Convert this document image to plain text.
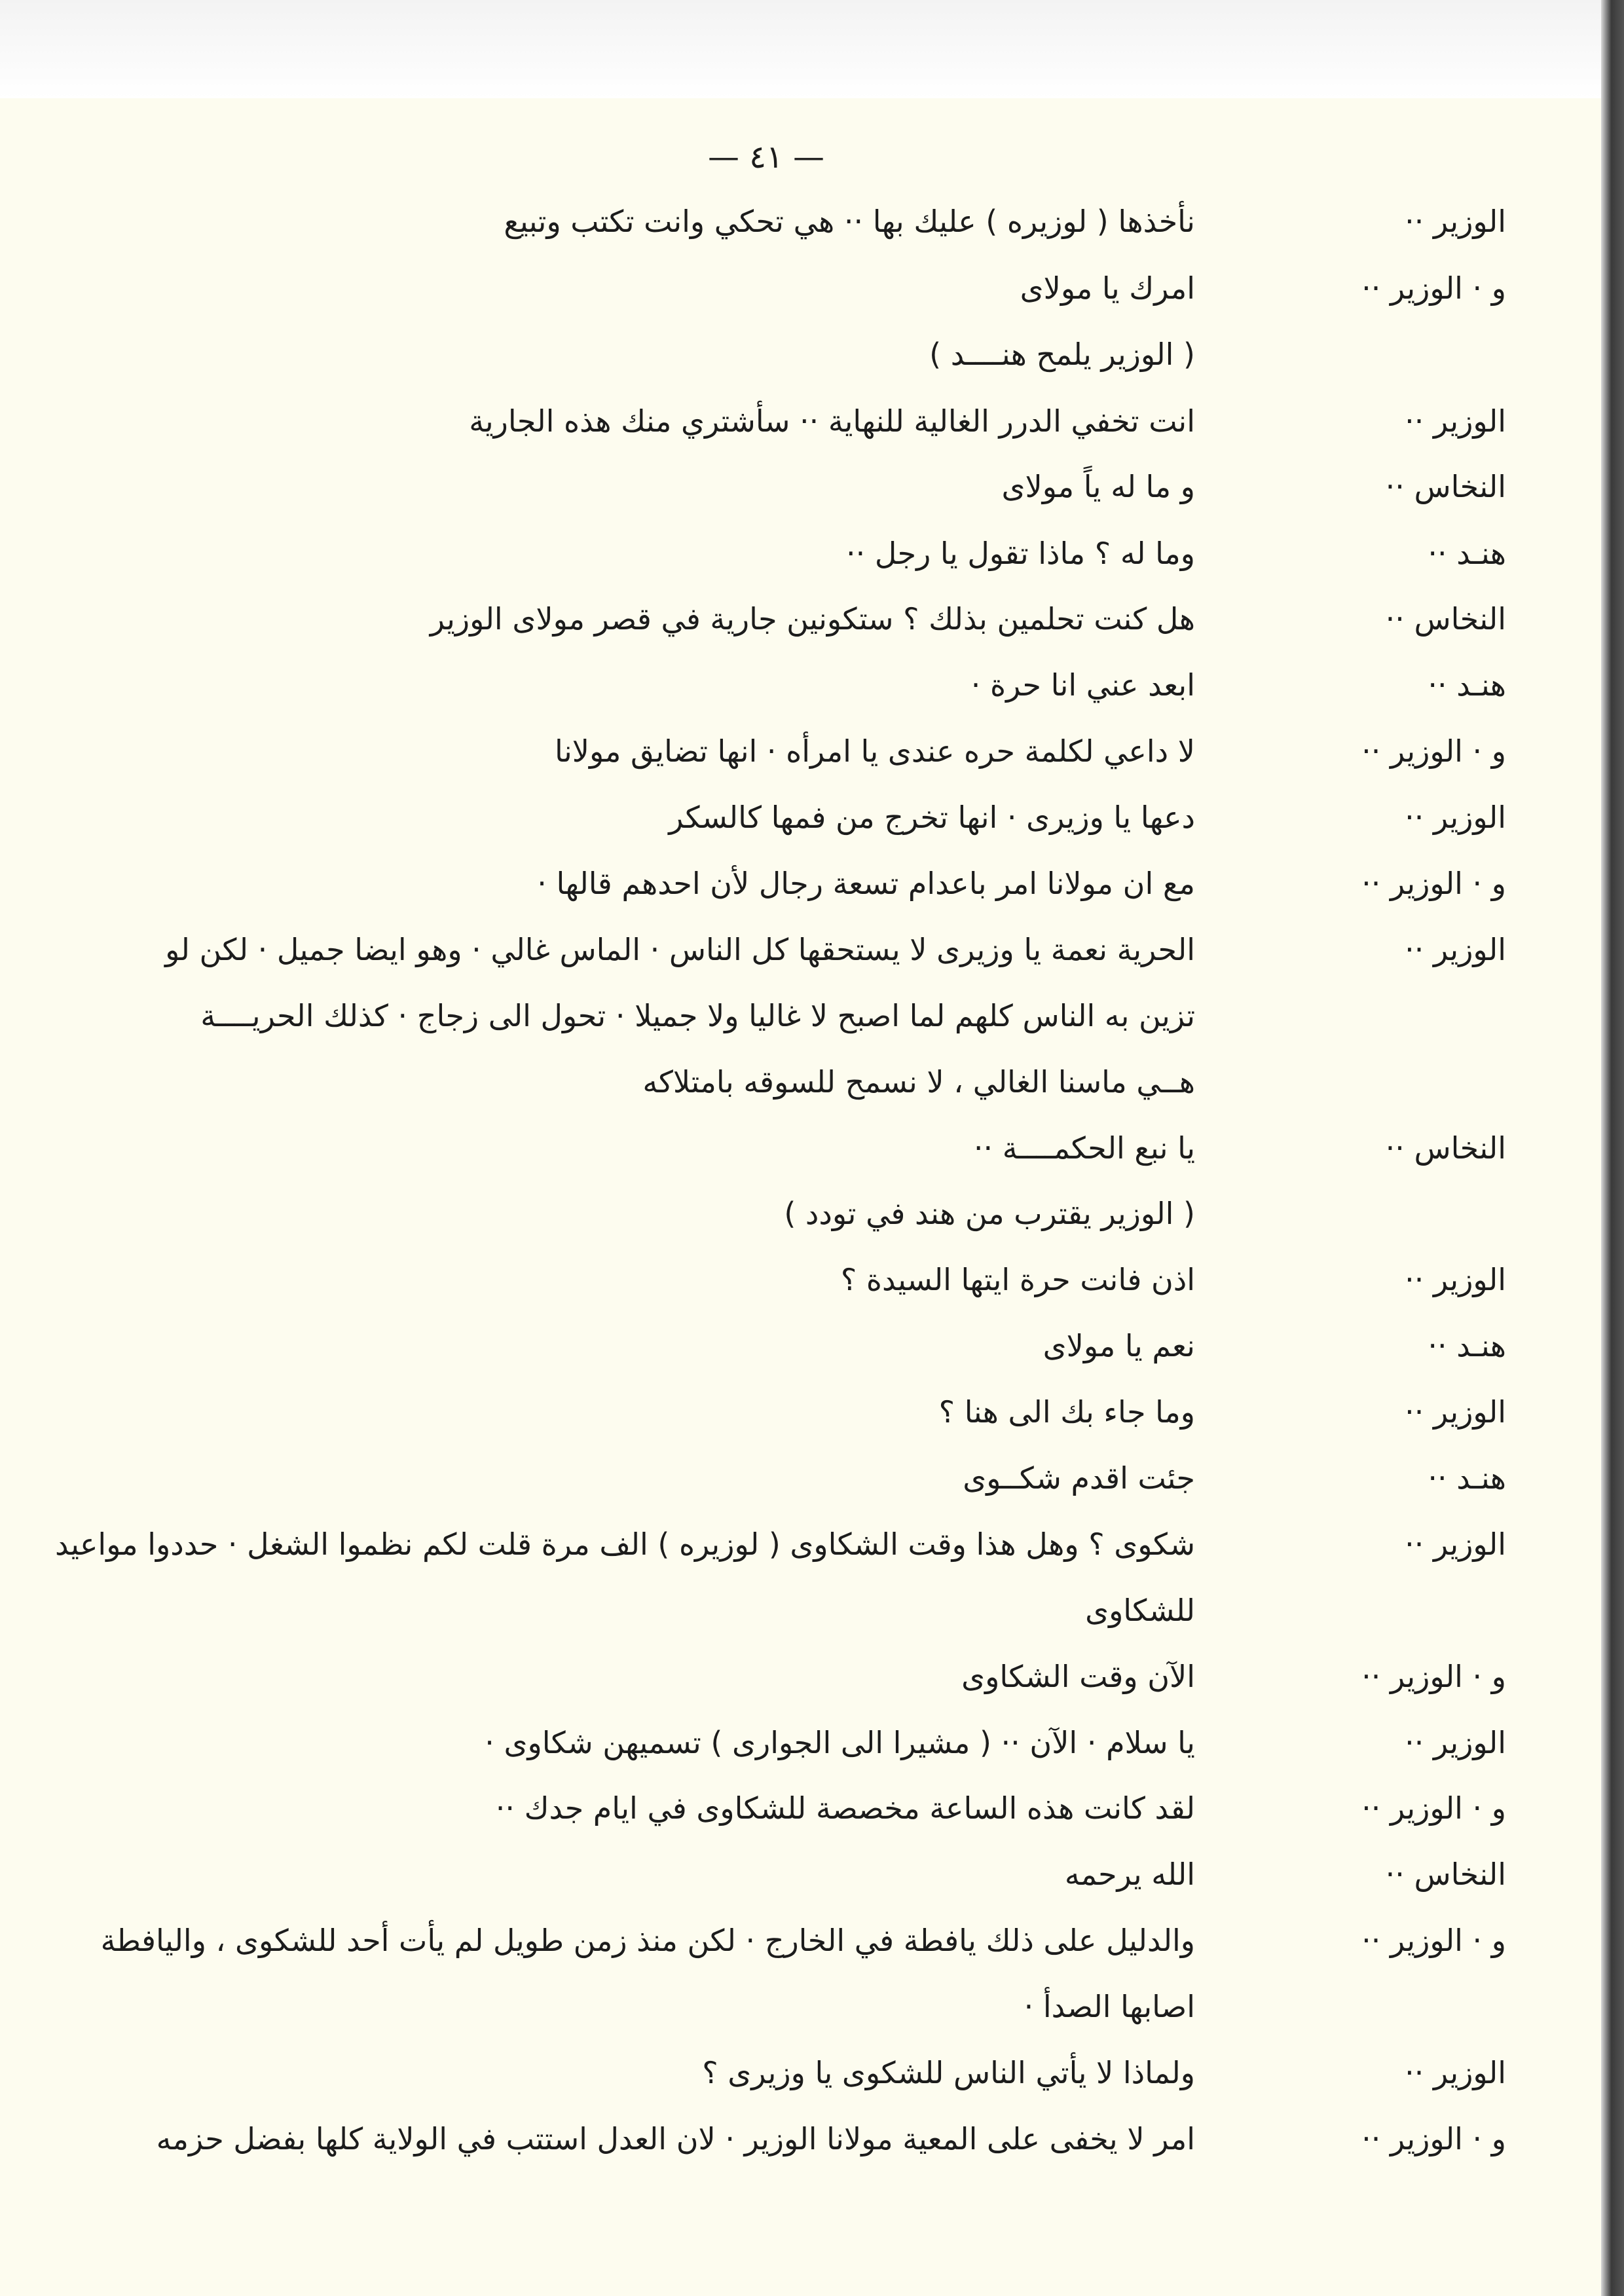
— ٤١ —
الوزير ··
نأخذها ( لوزيره ) عليك بها ·· هي تحكي وانت تكتب وتبيع
و · الوزير ··
امرك يا مولاى
( الوزير يلمح هنــــد )
الوزير ··
انت تخفي الدرر الغالية للنهاية ·· سأشتري منك هذه الجارية
النخاس ··
و ما له ياً مولاى
هنـد ··
وما له ؟ ماذا تقول يا رجل ··
النخاس ··
هل كنت تحلمين بذلك ؟ ستكونين جارية في قصر مولاى الوزير
هنـد ··
ابعد عني انا حرة ·
و · الوزير ··
لا داعي لكلمة حره عندى يا امرأه · انها تضايق مولانا
الوزير ··
دعها يا وزيرى · انها تخرج من فمها كالسكر
و · الوزير ··
مع ان مولانا امر باعدام تسعة رجال لأن احدهم قالها ·
الوزير ··
الحرية نعمة يا وزيرى لا يستحقها كل الناس · الماس غالي · وهو ايضا جميل · لكن لو
تزين به الناس كلهم لما اصبح لا غاليا ولا جميلا · تحول الى زجاج · كذلك الحريــــة
هــي ماسنا الغالي ، لا نسمح للسوقه بامتلاكه
النخاس ··
يا نبع الحكمــــة ··
( الوزير يقترب من هند في تودد )
الوزير ··
اذن فانت حرة ايتها السيدة ؟
هنـد ··
نعم يا مولاى
الوزير ··
وما جاء بك الى هنا ؟
هنـد ··
جئت اقدم شكــوى
الوزير ··
شكوى ؟ وهل هذا وقت الشكاوى ( لوزيره ) الف مرة قلت لكم نظموا الشغل · حددوا مواعيد
للشكاوى
و · الوزير ··
الآن وقت الشكاوى
الوزير ··
يا سلام · الآن ·· ( مشيرا الى الجوارى ) تسميهن شكاوى ·
و · الوزير ··
لقد كانت هذه الساعة مخصصة للشكاوى في ايام جدك ··
النخاس ··
الله يرحمه
و · الوزير ··
والدليل على ذلك يافطة في الخارج · لكن منذ زمن طويل لم يأت أحد للشكوى ، واليافطة
اصابها الصدأ ·
الوزير ··
ولماذا لا يأتي الناس للشكوى يا وزيرى ؟
و · الوزير ··
امر لا يخفى على المعية مولانا الوزير · لان العدل استتب في الولاية كلها بفضل حزمه
